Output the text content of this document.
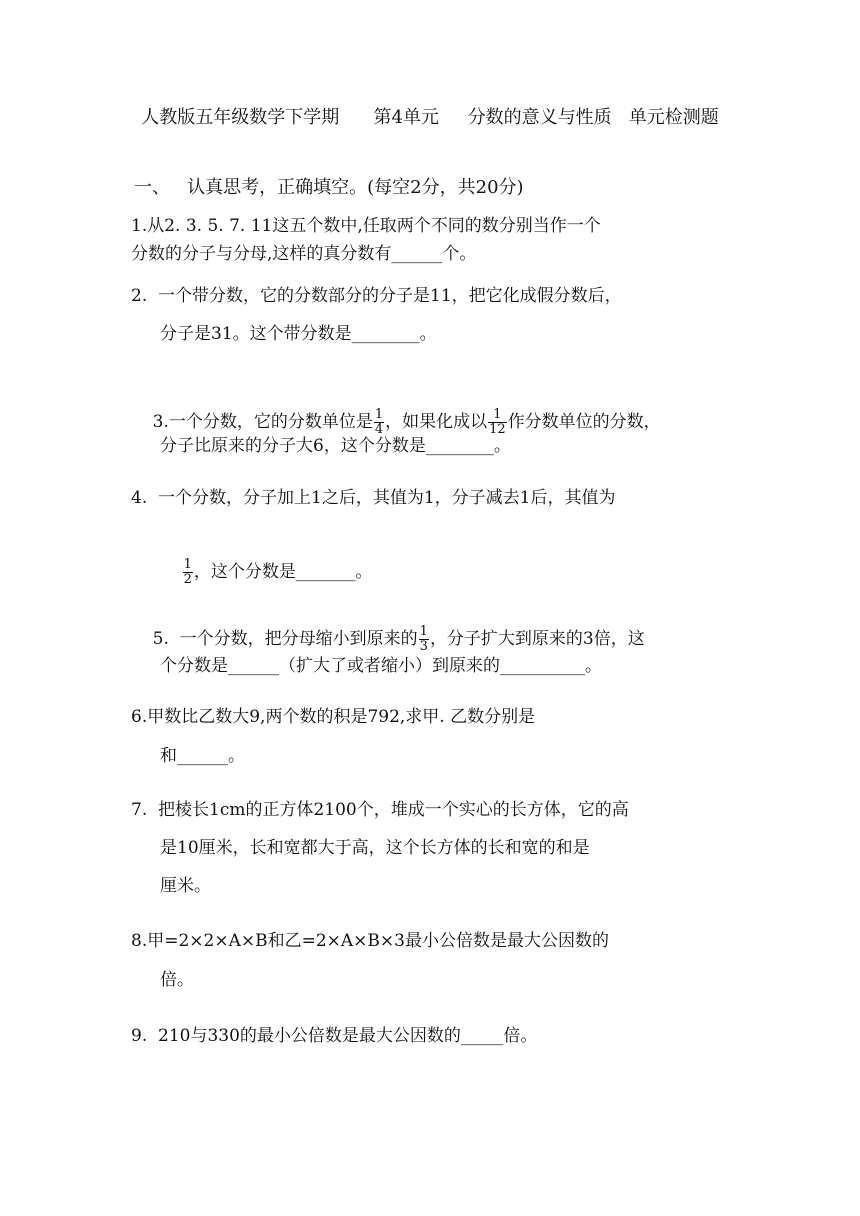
人教版五年级数学下学期      第4单元     分数的意义与性质   单元检测题
一、   认真思考，正确填空。(每空2分，共20分)
1.从2. 3. 5. 7. 11这五个数中,任取两个不同的数分别当作一个
分数的分子与分母,这样的真分数有______个。
2.  一个带分数，它的分数部分的分子是11，把它化成假分数后，
分子是31。这个带分数是________。

3.一个分数，它的分数单位是 $\frac{1}{4}$ ，如果化成以 $\frac{1}{12}$ 作分数单位的分数，

分子比原来的分子大6，这个分数是________。
4.  一个分数，分子加上1之后，其值为1，分子减去1后，其值为

$\frac{1}{2}$ ，这个分数是_______。

5.  一个分数，把分母缩小到原来的 $\frac{1}{3}$ ，分子扩大到原来的3倍，这

个分数是______（扩大了或者缩小）到原来的__________。
6.甲数比乙数大9,两个数的积是792,求甲. 乙数分别是
和______。
7.  把棱长1cm的正方体2100个，堆成一个实心的长方体，它的高
是10厘米，长和宽都大于高，这个长方体的长和宽的和是
厘米。
8.甲=2×2×A×B和乙=2×A×B×3最小公倍数是最大公因数的
倍。
9.  210与330的最小公倍数是最大公因数的_____倍。
